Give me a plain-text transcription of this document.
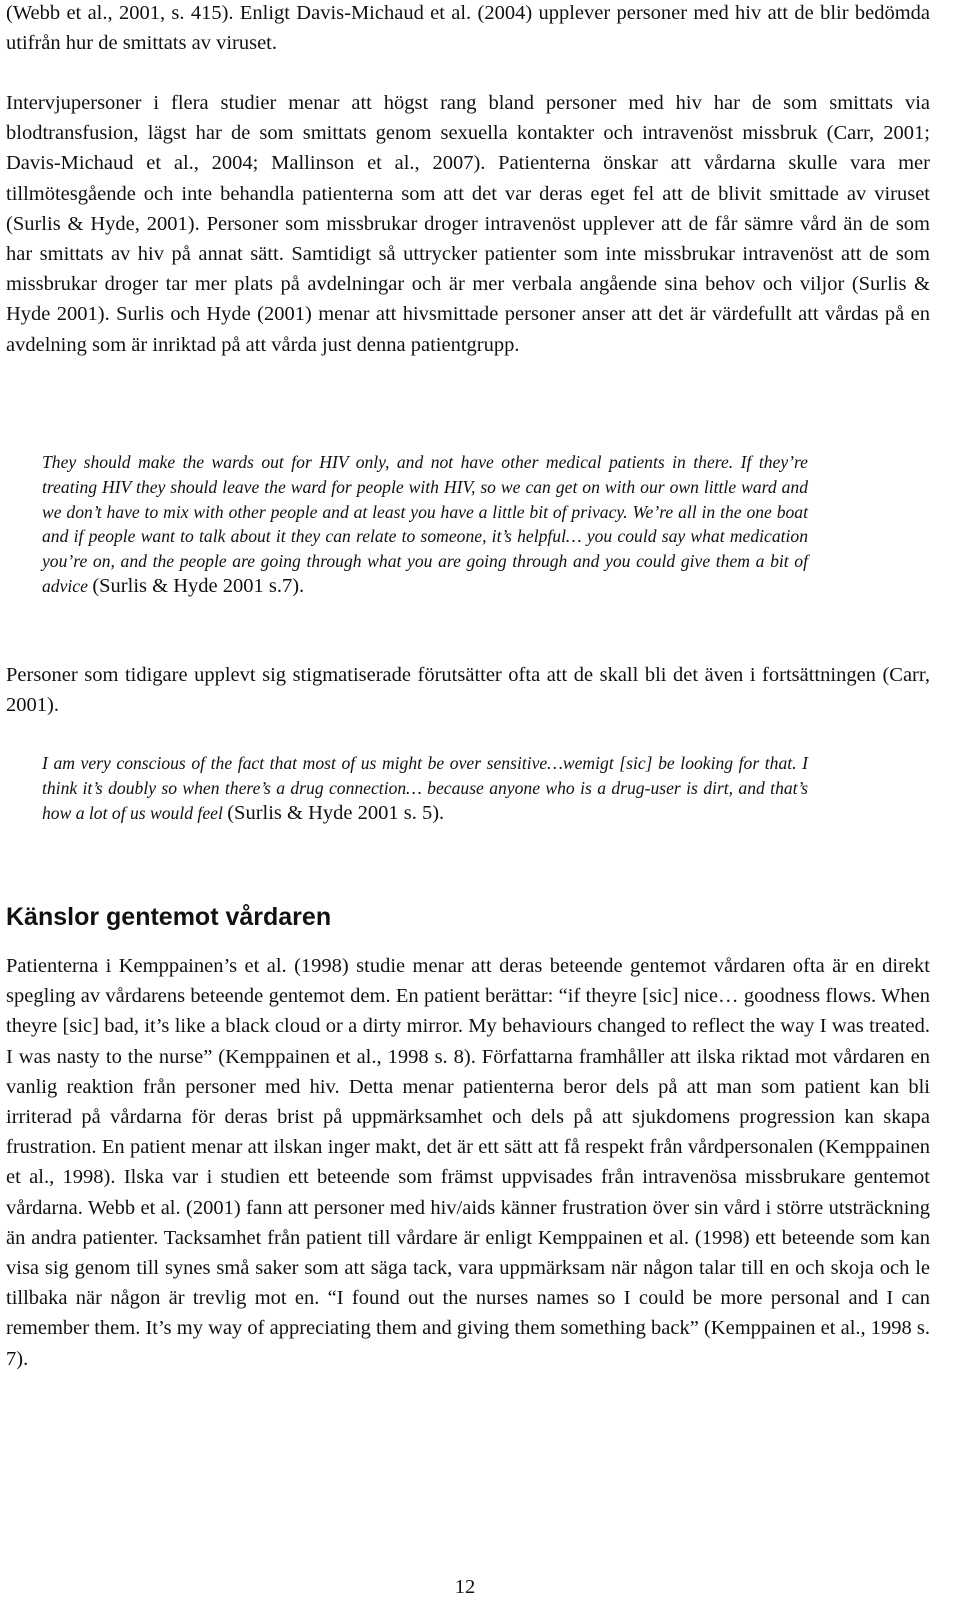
(Webb et al., 2001, s. 415). Enligt Davis-Michaud et al. (2004) upplever personer med hiv att de blir bedömda utifrån hur de smittats av viruset.

Intervjupersoner i flera studier menar att högst rang bland personer med hiv har de som smittats via blodtransfusion, lägst har de som smittats genom sexuella kontakter och intravenöst missbruk (Carr, 2001; Davis-Michaud et al., 2004; Mallinson et al., 2007). Patienterna önskar att vårdarna skulle vara mer tillmötesgående och inte behandla patienterna som att det var deras eget fel att de blivit smittade av viruset (Surlis & Hyde, 2001). Personer som missbrukar droger intravenöst upplever att de får sämre vård än de som har smittats av hiv på annat sätt. Samtidigt så uttrycker patienter som inte missbrukar intravenöst att de som missbrukar droger tar mer plats på avdelningar och är mer verbala angående sina behov och viljor (Surlis & Hyde 2001). Surlis och Hyde (2001) menar att hivsmittade personer anser att det är värdefullt att vårdas på en avdelning som är inriktad på att vårda just denna patientgrupp.

They should make the wards out for HIV only, and not have other medical patients in there. If they’re treating HIV they should leave the ward for people with HIV, so we can get on with our own little ward and we don’t have to mix with other people and at least you have a little bit of privacy. We’re all in the one boat and if people want to talk about it they can relate to someone, it’s helpful… you could say what medication you’re on, and the people are going through what you are going through and you could give them a bit of advice (Surlis & Hyde 2001 s.7).

Personer som tidigare upplevt sig stigmatiserade förutsätter ofta att de skall bli det även i fortsättningen (Carr, 2001).

I am very conscious of the fact that most of us might be over sensitive…wemigt [sic] be looking for that. I think it’s doubly so when there’s a drug connection… because anyone who is a drug-user is dirt, and that’s how a lot of us would feel (Surlis & Hyde 2001 s. 5).

Känslor gentemot vårdaren

Patienterna i Kemppainen’s et al. (1998) studie menar att deras beteende gentemot vårdaren ofta är en direkt spegling av vårdarens beteende gentemot dem. En patient berättar: “if theyre [sic] nice… goodness flows. When theyre [sic] bad, it’s like a black cloud or a dirty mirror. My behaviours changed to reflect the way I was treated. I was nasty to the nurse” (Kemppainen et al., 1998 s. 8). Författarna framhåller att ilska riktad mot vårdaren en vanlig reaktion från personer med hiv. Detta menar patienterna beror dels på att man som patient kan bli irriterad på vårdarna för deras brist på uppmärksamhet och dels på att sjukdomens progression kan skapa frustration. En patient menar att ilskan inger makt, det är ett sätt att få respekt från vårdpersonalen (Kemppainen et al., 1998). Ilska var i studien ett beteende som främst uppvisades från intravenösa missbrukare gentemot vårdarna. Webb et al. (2001) fann att personer med hiv/aids känner frustration över sin vård i större utsträckning än andra patienter. Tacksamhet från patient till vårdare är enligt Kemppainen et al. (1998) ett beteende som kan visa sig genom till synes små saker som att säga tack, vara uppmärksam när någon talar till en och skoja och le tillbaka när någon är trevlig mot en. “I found out the nurses names so I could be more personal and I can remember them. It’s my way of appreciating them and giving them something back” (Kemppainen et al., 1998 s. 7).

12
